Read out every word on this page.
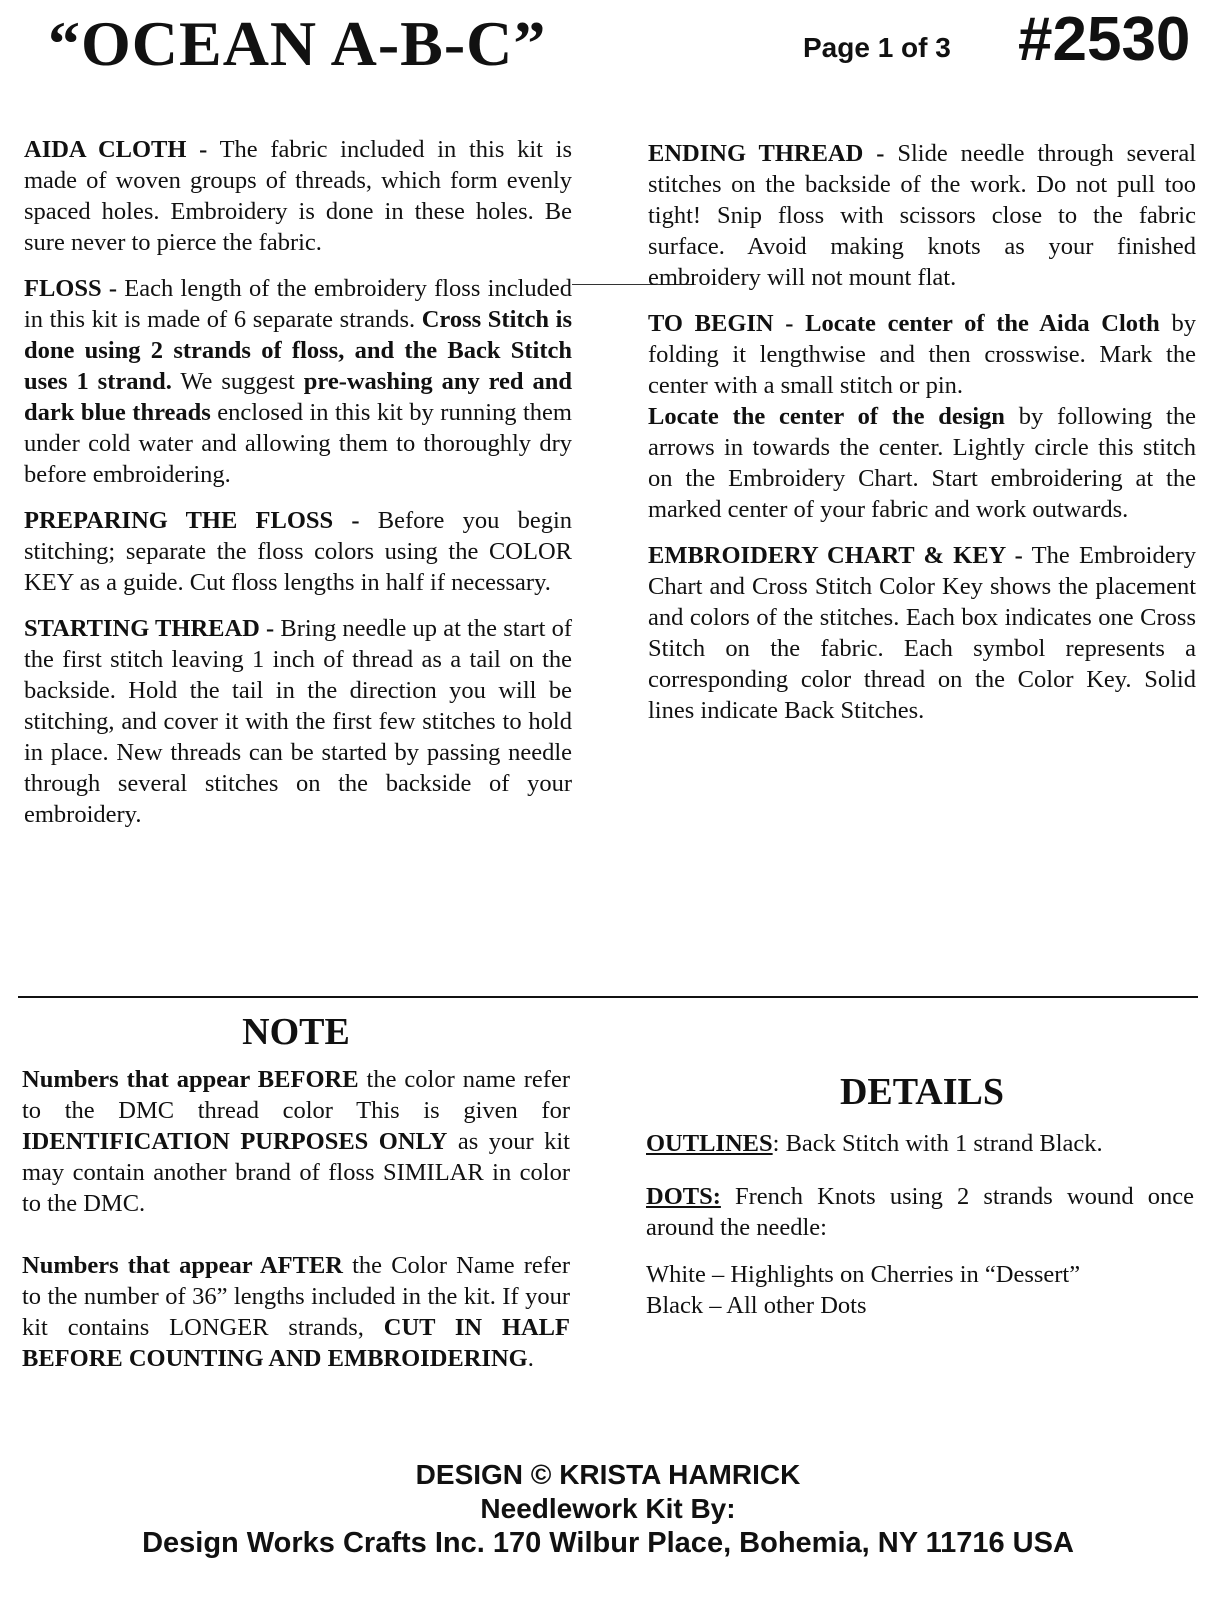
“OCEAN A-B-C”	Page 1 of 3 #2530

AIDA CLOTH - The fabric included in this kit is made of woven groups of threads, which form evenly spaced holes. Embroidery is done in these holes. Be sure never to pierce the fabric.

FLOSS - Each length of the embroidery floss included in this kit is made of 6 separate strands. Cross Stitch is done using 2 strands of floss, and the Back Stitch uses 1 strand. We suggest pre-washing any red and dark blue threads enclosed in this kit by running them under cold water and allowing them to thoroughly dry before embroidering.

PREPARING THE FLOSS - Before you begin stitching; separate the floss colors using the COLOR KEY as a guide. Cut floss lengths in half if necessary.

STARTING THREAD - Bring needle up at the start of the first stitch leaving 1 inch of thread as a tail on the backside. Hold the tail in the direction you will be stitching, and cover it with the first few stitches to hold in place. New threads can be started by passing needle through several stitches on the backside of your embroidery.

ENDING THREAD - Slide needle through several stitches on the backside of the work. Do not pull too tight! Snip floss with scissors close to the fabric surface. Avoid making knots as your finished embroidery will not mount flat.

TO BEGIN - Locate center of the Aida Cloth by folding it lengthwise and then crosswise. Mark the center with a small stitch or pin.

Locate the center of the design by following the arrows in towards the center. Lightly circle this stitch on the Embroidery Chart. Start embroidering at the marked center of your fabric and work outwards.

EMBROIDERY CHART & KEY - The Embroidery Chart and Cross Stitch Color Key shows the placement and colors of the stitches. Each box indicates one Cross Stitch on the fabric. Each symbol represents a corresponding color thread on the Color Key. Solid lines indicate Back Stitches.

NOTE

Numbers that appear BEFORE the color name refer to the DMC thread color This is given for IDENTIFICATION PURPOSES ONLY as your kit may contain another brand of floss SIMILAR in color to the DMC.

Numbers that appear AFTER the Color Name refer to the number of 36” lengths included in the kit. If your kit contains LONGER strands, CUT IN HALF BEFORE COUNTING AND EMBROIDERING.

DETAILS

OUTLINES: Back Stitch with 1 strand Black.

DOTS: French Knots using 2 strands wound once around the needle:

White – Highlights on Cherries in “Dessert”

Black – All other Dots

DESIGN © KRISTA HAMRICK
Needlework Kit By:
Design Works Crafts Inc. 170 Wilbur Place, Bohemia, NY 11716 USA
